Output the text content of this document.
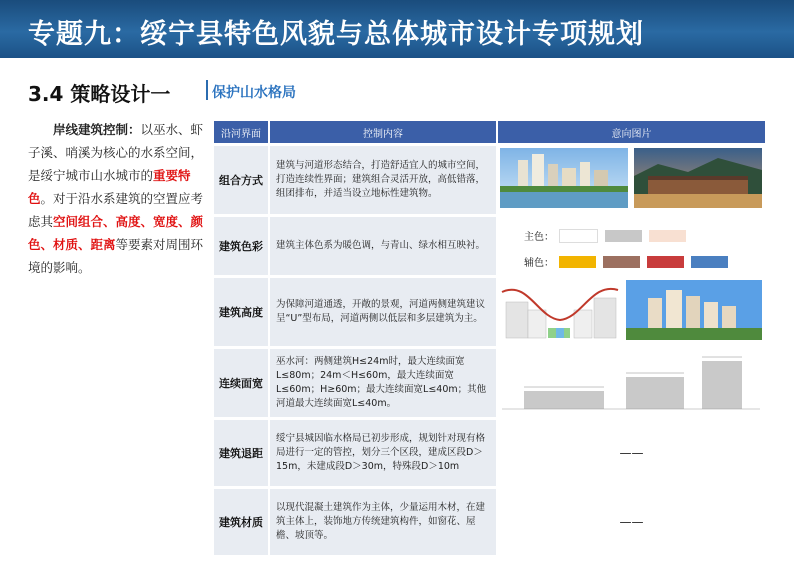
专题九：绥宁县特色风貌与总体城市设计专项规划
3.4 策略设计一	保护山水格局

岸线建筑控制：以巫水、虾子溪、哨溪为核心的水系空间，是绥宁城市山水城市的重要特色。对于沿水系建筑的空置应考虑其空间组合、高度、宽度、颜色、材质、距离等要素对周围环境的影响。

沿河界面	控制内容	意向图片
组合方式	建筑与河道形态结合，打造舒适宜人的城市空间，打造连续性界面；建筑组合灵活开放，高低错落，组团排布，并适当设立地标性建筑物。	
建筑色彩	建筑主体色系为暖色调，与青山、绿水相互映衬。	主色：
辅色：

建筑高度	为保障河道通透，开敞的景观，河道两侧建筑建议呈“U”型布局，河道两侧以低层和多层建筑为主。	
连续面宽	巫水河：两侧建筑H≤24m时，最大连续面宽L≤80m；24m＜H≤60m，最大连续面宽L≤60m；H≥60m；最大连续面宽L≤40m；其他河道最大连续面宽L≤40m。	
建筑退距	绥宁县城因临水格局已初步形成，规划针对现有格局进行一定的管控，划分三个区段，建成区段D＞15m，未建成段D＞30m，特殊段D＞10m	——
建筑材质	以现代混凝土建筑作为主体，少量运用木材，在建筑主体上，装饰地方传统建筑构件，如窗花、屋檐、坡顶等。	——
